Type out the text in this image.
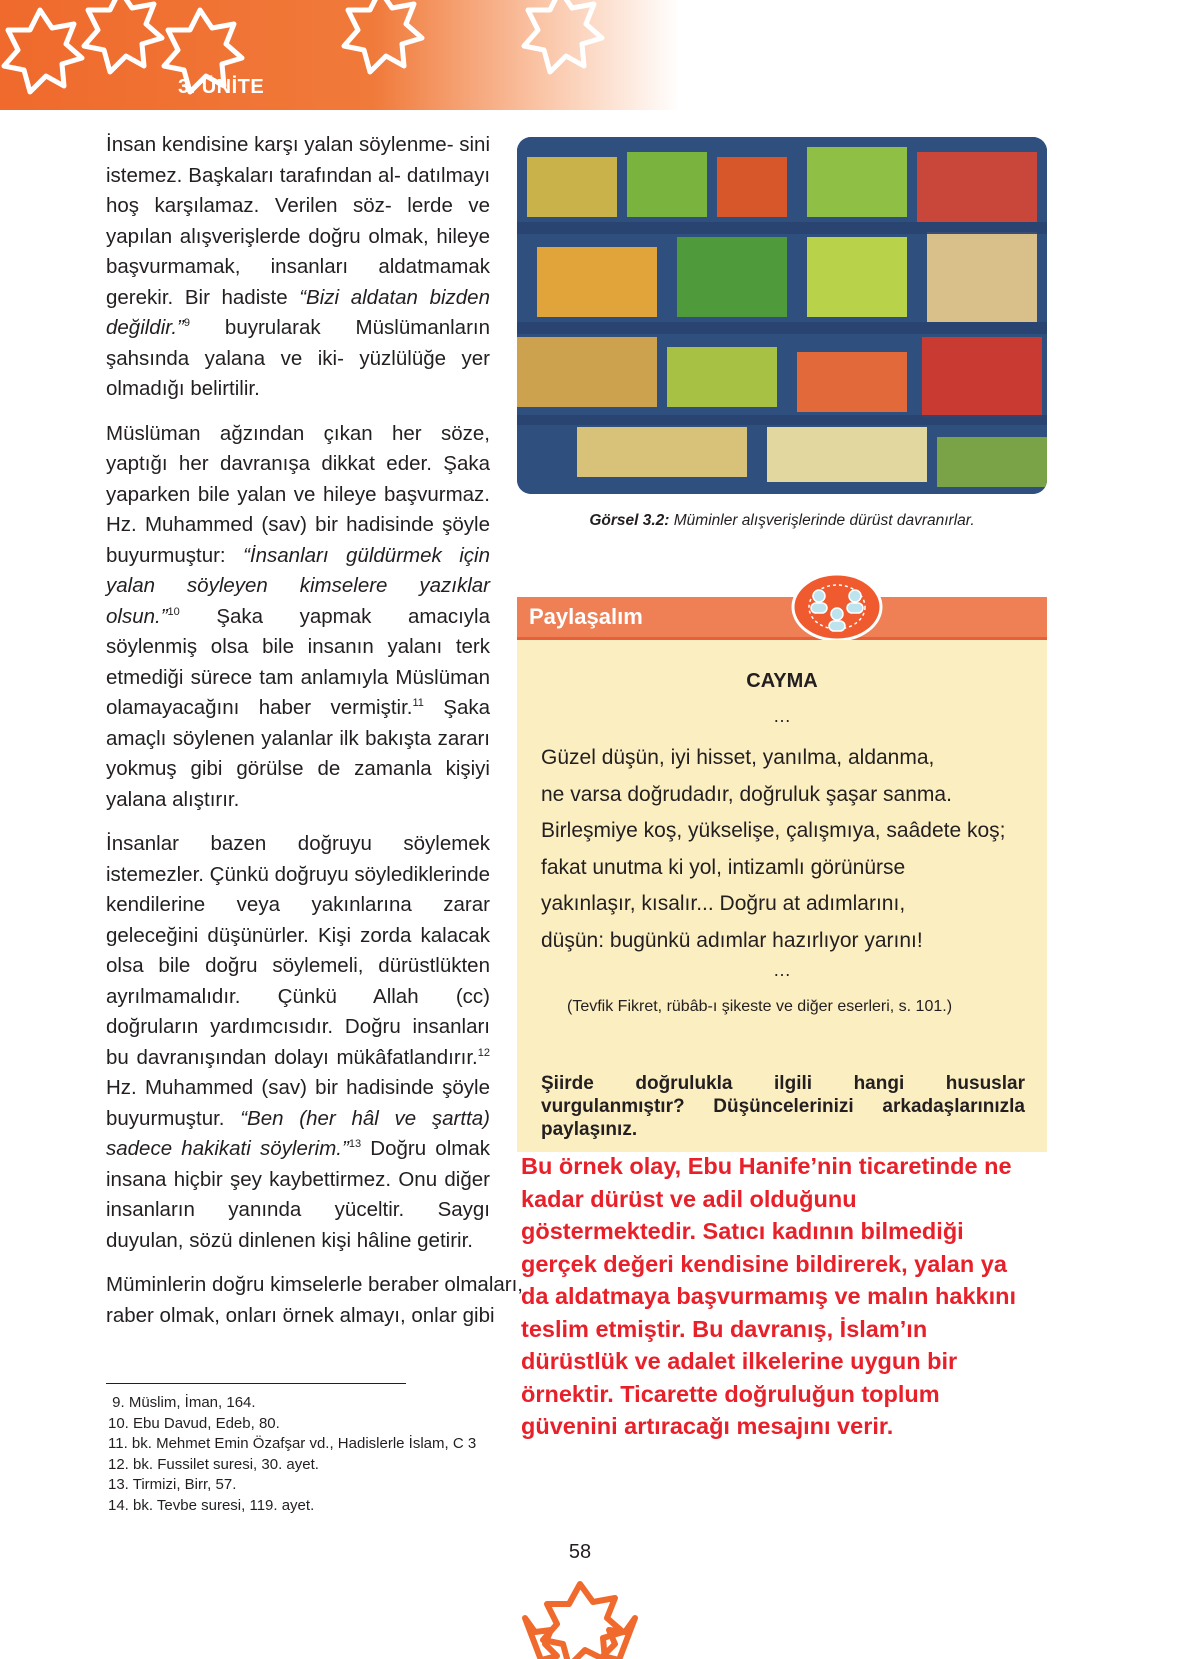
3. ÜNİTE

İnsan kendisine karşı yalan söylenme- sini istemez. Başkaları tarafından al- datılmayı hoş karşılamaz. Verilen söz- lerde ve yapılan alışverişlerde doğru olmak, hileye başvurmamak, insanları aldatmamak gerekir. Bir hadiste “Bizi aldatan bizden değildir.”$^9$ buyrularak Müslümanların şahsında yalana ve iki- yüzlülüğe yer olmadığı belirtilir.

Müslüman ağzından çıkan her söze, yaptığı her davranışa dikkat eder. Şaka yaparken bile yalan ve hileye başvurmaz. Hz. Muhammed (sav) bir hadisinde şöyle buyurmuştur: “İnsanları güldürmek için yalan söyleyen kimselere yazıklar olsun.”$^{10}$ Şaka yapmak amacıyla söylenmiş olsa bile insanın yalanı terk etmediği sürece tam anlamıyla Müslüman olamayacağını haber vermiştir.$^{11}$ Şaka amaçlı söylenen yalanlar ilk bakışta zararı yokmuş gibi görülse de zamanla kişiyi yalana alıştırır.

İnsanlar bazen doğruyu söylemek istemezler. Çünkü doğruyu söylediklerinde kendilerine veya yakınlarına zarar geleceğini düşünürler. Kişi zorda kalacak olsa bile doğru söylemeli, dürüstlükten ayrılmamalıdır. Çünkü Allah (cc) doğruların yardımcısıdır. Doğru insanları bu davranışından dolayı mükâfatlandırır.$^{12}$ Hz. Muhammed (sav) bir hadisinde şöyle buyurmuştur. “Ben (her hâl ve şartta) sadece hakikati söylerim.”$^{13}$ Doğru olmak insana hiçbir şey kaybettirmez. Onu diğer insanların yanında yüceltir. Saygı duyulan, sözü dinlenen kişi hâline getirir.

Müminlerin doğru kimselerle beraber olmaları,
raber olmak, onları örnek almayı, onlar gibi

Görsel 3.2: Müminler alışverişlerinde dürüst davranırlar.
Paylaşalım
CAYMA
…
Güzel düşün, iyi hisset, yanılma, aldanma,
ne varsa doğrudadır, doğruluk şaşar sanma.
Birleşmiye koş, yükselişe, çalışmıya, saâdete koş;
fakat unutma ki yol, intizamlı görünürse
yakınlaşır, kısalır... Doğru at adımlarını,
düşün: bugünkü adımlar hazırlıyor yarını!
…
(Tevfik Fikret, rübâb-ı şikeste ve diğer eserleri, s. 101.)
Şiirde doğrulukla ilgili hangi hususlar vurgulanmıştır? Düşüncelerinizi arkadaşlarınızla paylaşınız.
Bu örnek olay, Ebu Hanife’nin ticaretinde ne
kadar dürüst ve adil olduğunu
göstermektedir. Satıcı kadının bilmediği
gerçek değeri kendisine bildirerek, yalan ya
da aldatmaya başvurmamış ve malın hakkını
teslim etmiştir. Bu davranış, İslam’ın
dürüstlük ve adalet ilkelerine uygun bir
örnektir. Ticarette doğruluğun toplum
güvenini artıracağı mesajını verir.
9. Müslim, İman, 164.
10. Ebu Davud, Edeb, 80.
11. bk. Mehmet Emin Özafşar vd., Hadislerle İslam, C 3
12. bk. Fussilet suresi, 30. ayet.
13. Tirmizi, Birr, 57.
14. bk. Tevbe suresi, 119. ayet.
58
